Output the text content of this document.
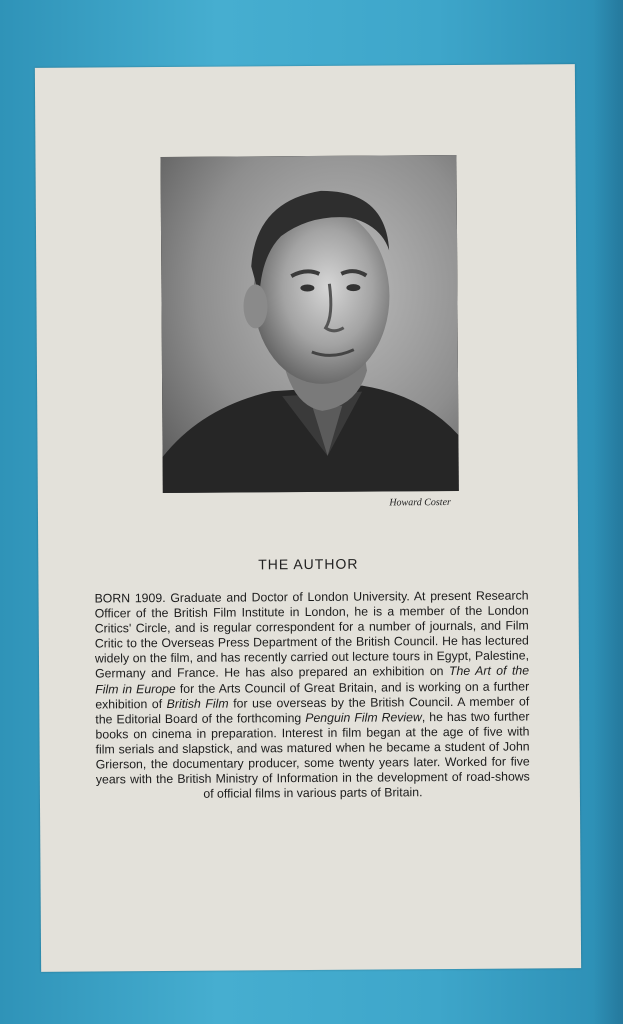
Howard Coster
THE AUTHOR

BORN 1909. Graduate and Doctor of London University. At present Research Officer of the British Film Institute in London, he is a member of the London Critics' Circle, and is regular correspondent for a number of journals, and Film Critic to the Overseas Press Department of the British Council. He has lectured widely on the film, and has recently carried out lecture tours in Egypt, Palestine, Germany and France. He has also prepared an exhibition on The Art of the Film in Europe for the Arts Council of Great Britain, and is working on a further exhibition of British Film for use overseas by the British Council. A member of the Editorial Board of the forthcoming Penguin Film Review, he has two further books on cinema in preparation. Interest in film began at the age of five with film serials and slapstick, and was matured when he became a student of John Grierson, the documentary producer, some twenty years later. Worked for five years with the British Ministry of Information in the development of road-shows of official films in various parts of Britain.
